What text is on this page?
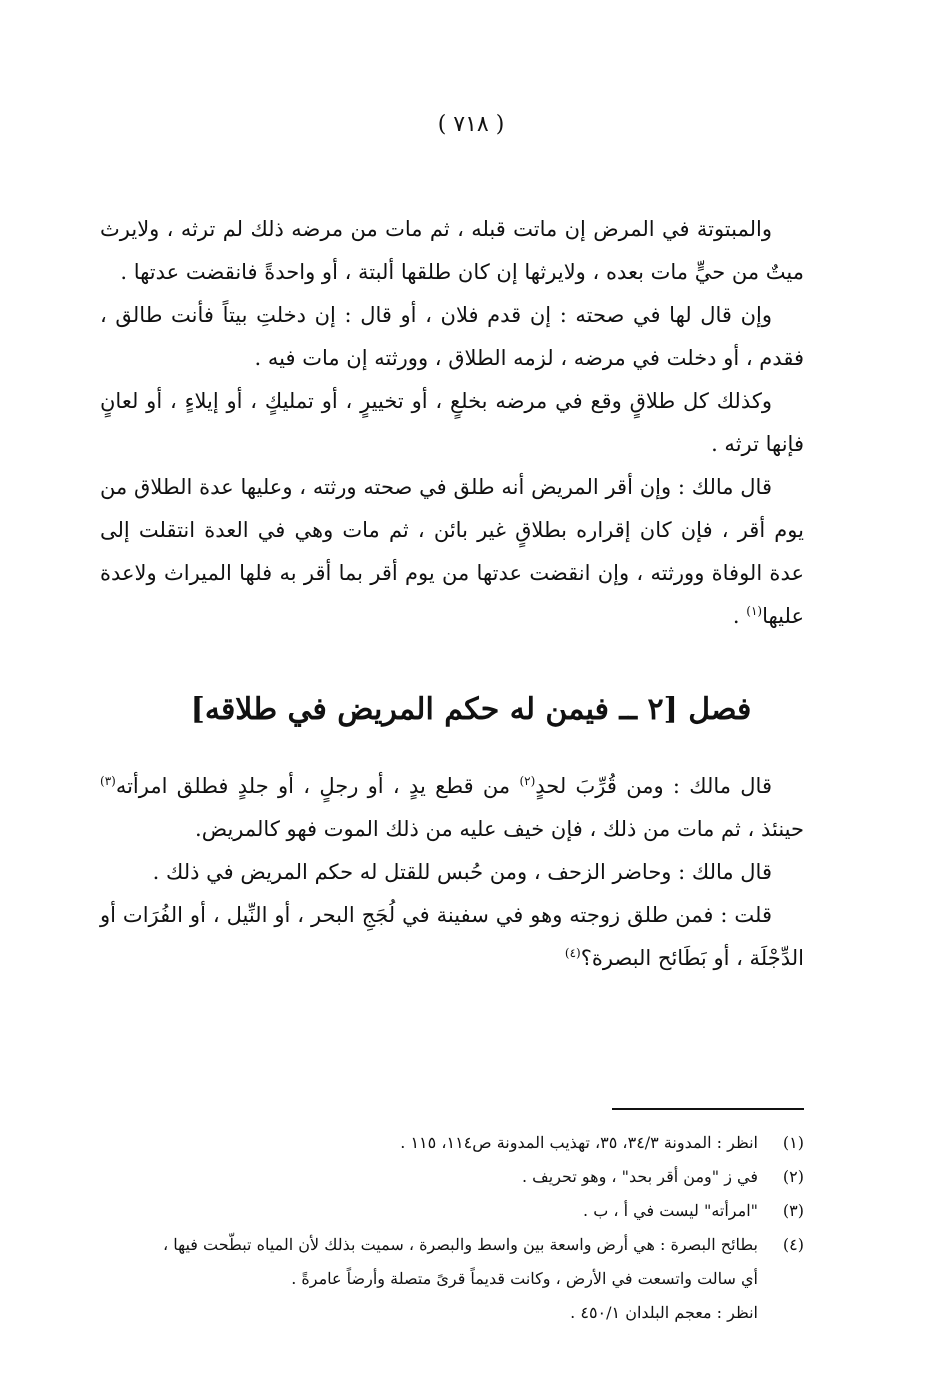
( ٧١٨ )

والمبتوتة في المرض إن ماتت قبله ، ثم مات من مرضه ذلك لم ترثه ، ولايرث ميتٌ من حيٍّ مات بعده ، ولايرثها إن كان طلقها ألبتة ، أو واحدةً فانقضت عدتها .

وإن قال لها في صحته : إن قدم فلان ، أو قال : إن دخلتِ بيتاً فأنت طالق ، فقدم ، أو دخلت في مرضه ، لزمه الطلاق ، وورثته إن مات فيه .

وكذلك كل طلاقٍ وقع في مرضه بخلعٍ ، أو تخييرٍ ، أو تمليكٍ ، أو إيلاءٍ ، أو لعانٍ فإنها ترثه .

قال مالك : وإن أقر المريض أنه طلق في صحته ورثته ، وعليها عدة الطلاق من يوم أقر ، فإن كان إقراره بطلاقٍ غير بائن ، ثم مات وهي في العدة انتقلت إلى عدة الوفاة وورثته ، وإن انقضت عدتها من يوم أقر بما أقر به فلها الميراث ولاعدة عليها$^{(١)}$ .

فصل [٢ ــ فيمن له حكم المريض في طلاقه]

قال مالك : ومن قُرِّبَ لحدٍ$^{(٢)}$ من قطع يدٍ ، أو رجلٍ ، أو جلدٍ فطلق امرأته$^{(٣)}$ حينئذ ، ثم مات من ذلك ، فإن خيف عليه من ذلك الموت فهو كالمريض.

قال مالك : وحاضر الزحف ، ومن حُبس للقتل له حكم المريض في ذلك .

قلت : فمن طلق زوجته وهو في سفينة في لُجَجِ البحر ، أو النِّيل ، أو الفُرَات أو الدِّجْلَة ، أو بَطَائح البصرة؟$^{(٤)}$

(١)
انظر : المدونة ٣٤/٣، ٣٥، تهذيب المدونة ص١١٤، ١١٥ .
(٢)
في ز "ومن أقر بحد" ، وهو تحريف .
(٣)
"امرأته" ليست في أ ، ب .
(٤)
بطائح البصرة : هي أرض واسعة بين واسط والبصرة ، سميت بذلك لأن المياه تبطّحت فيها ،
أي سالت واتسعت في الأرض ، وكانت قديماً قرىً متصلة وأرضاً عامرةً .
انظر : معجم البلدان ٤٥٠/١ .
